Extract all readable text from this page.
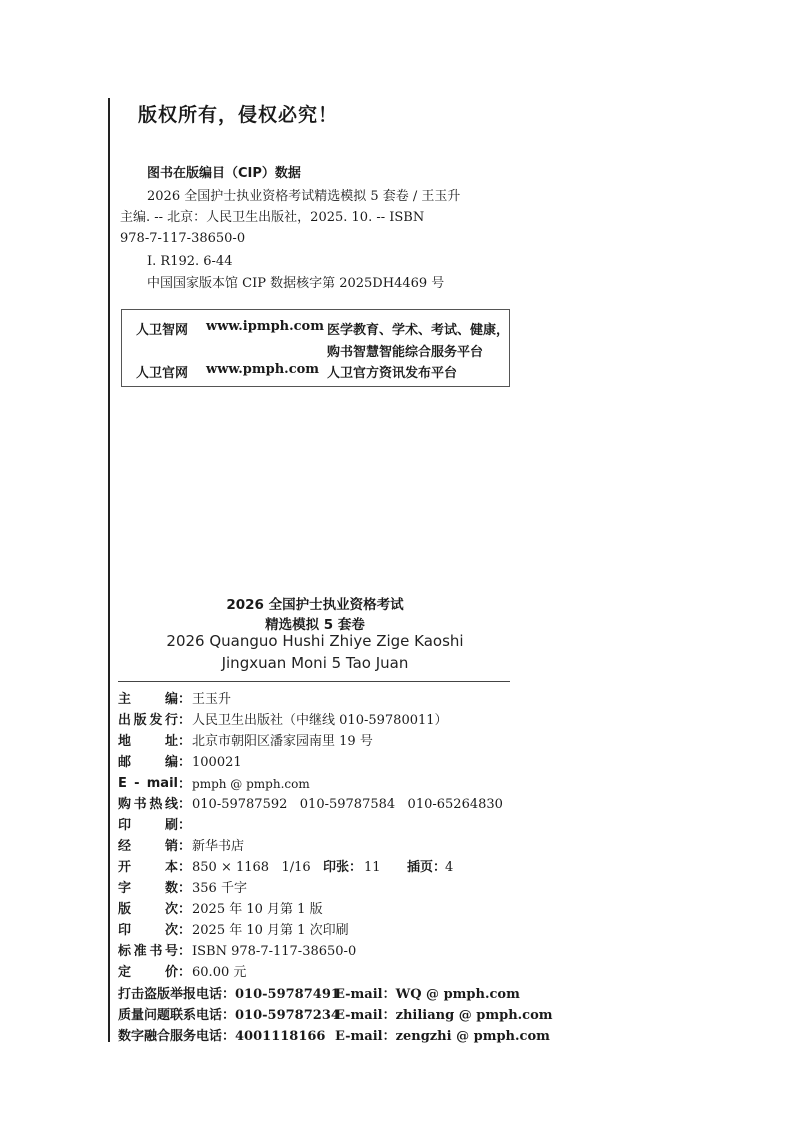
版权所有，侵权必究！
图书在版编目（CIP）数据
2026 全国护士执业资格考试精选模拟 5 套卷 / 王玉升
主编. -- 北京：人民卫生出版社，2025. 10. -- ISBN
978-7-117-38650-0
Ⅰ. R192. 6-44
中国国家版本馆 CIP 数据核字第 2025DH4469 号
人卫智网 www.ipmph.com 医学教育、学术、考试、健康，
购书智慧智能综合服务平台
人卫官网 www.pmph.com 人卫官方资讯发布平台
2026 全国护士执业资格考试
精选模拟 5 套卷
2026 Quanguo Hushi Zhiye Zige Kaoshi
Jingxuan Moni 5 Tao Juan
主编：王玉升
出版发行：人民卫生出版社（中继线 010-59780011）
地址：北京市朝阳区潘家园南里 19 号
邮编：100021
E - mail：pmph @ pmph.com
购书热线：010-59787592   010-59787584   010-65264830
印刷：
经销：新华书店
开本：850 × 1168   1/16 印张： 11 插页：
4
字数：356 千字
版次：2025 年 10 月第 1 版
印次：2025 年 10 月第 1 次印刷
标准书号：ISBN 978-7-117-38650-0
定价：60.00 元
打击盗版举报电话：010-59787491
E-mail：WQ @ pmph.com
质量问题联系电话：010-59787234
E-mail：zhiliang @ pmph.com
数字融合服务电话：4001118166 E-mail：zengzhi @ pmph.com
